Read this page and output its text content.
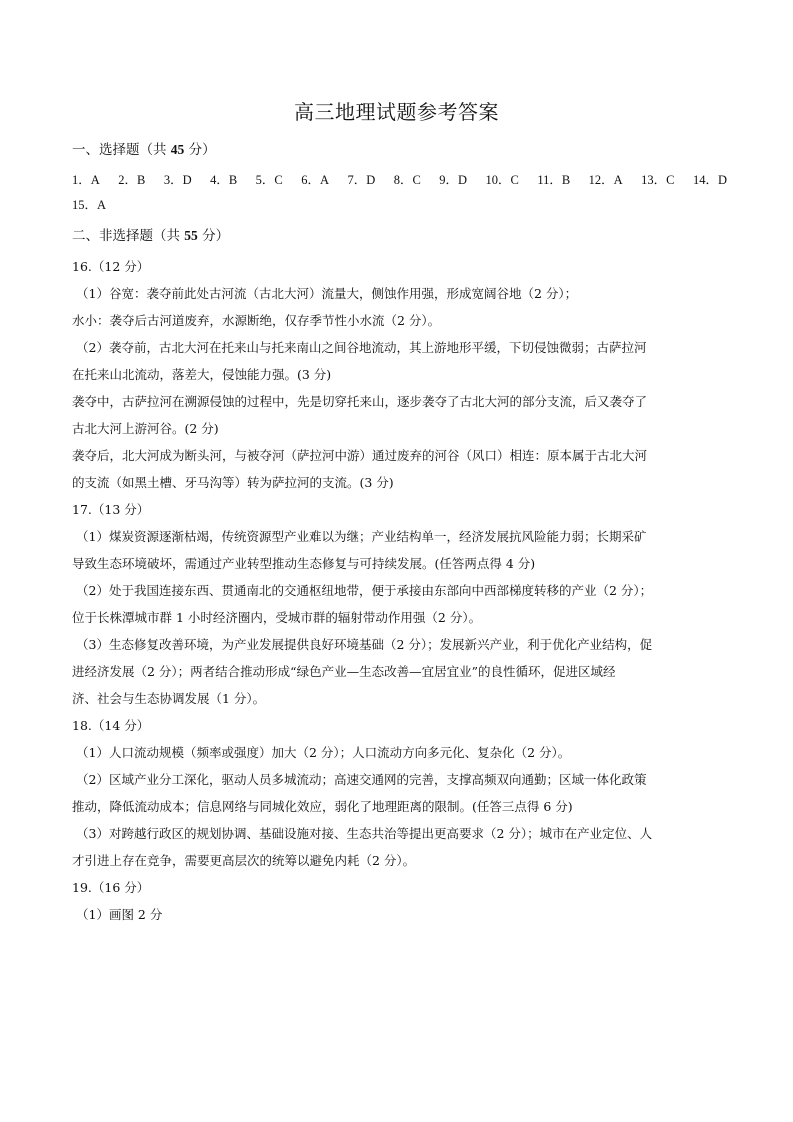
高三地理试题参考答案
一、选择题（共 45 分）
1．A 2．B 3．D 4．B 5．C 6．A 7．D 8．C 9．D 10．C 11．B 12．A 13．C 14．D
15．A
二、非选择题（共 55 分）
16.（12 分）
（1）谷宽：袭夺前此处古河流（古北大河）流量大，侧蚀作用强，形成宽阔谷地（2 分）；
水小：袭夺后古河道废弃，水源断绝，仅存季节性小水流（2 分）。
（2）袭夺前，古北大河在托来山与托来南山之间谷地流动，其上游地形平缓，下切侵蚀微弱；古萨拉河
在托来山北流动，落差大，侵蚀能力强。(3 分)
袭夺中，古萨拉河在溯源侵蚀的过程中，先是切穿托来山，逐步袭夺了古北大河的部分支流，后又袭夺了
古北大河上游河谷。(2 分)
袭夺后，北大河成为断头河，与被夺河（萨拉河中游）通过废弃的河谷（风口）相连：原本属于古北大河
的支流（如黑土槽、牙马沟等）转为萨拉河的支流。(3 分)
17.（13 分）
（1）煤炭资源逐渐枯竭，传统资源型产业难以为继；产业结构单一，经济发展抗风险能力弱；长期采矿
导致生态环境破坏，需通过产业转型推动生态修复与可持续发展。(任答两点得 4 分)
（2）处于我国连接东西、贯通南北的交通枢纽地带，便于承接由东部向中西部梯度转移的产业（2 分）；
位于长株潭城市群 1 小时经济圈内，受城市群的辐射带动作用强（2 分）。
（3）生态修复改善环境，为产业发展提供良好环境基础（2 分）；发展新兴产业，利于优化产业结构，促
进经济发展（2 分）；两者结合推动形成“绿色产业—生态改善—宜居宜业”的良性循环，促进区域经
济、社会与生态协调发展（1 分）。
18.（14 分）
（1）人口流动规模（频率或强度）加大（2 分）；人口流动方向多元化、复杂化（2 分）。
（2）区域产业分工深化，驱动人员多城流动；高速交通网的完善，支撑高频双向通勤；区域一体化政策
推动，降低流动成本；信息网络与同城化效应，弱化了地理距离的限制。(任答三点得 6 分)
（3）对跨越行政区的规划协调、基础设施对接、生态共治等提出更高要求（2 分）；城市在产业定位、人
才引进上存在竞争，需要更高层次的统筹以避免内耗（2 分）。
19.（16 分）
（1）画图 2 分
